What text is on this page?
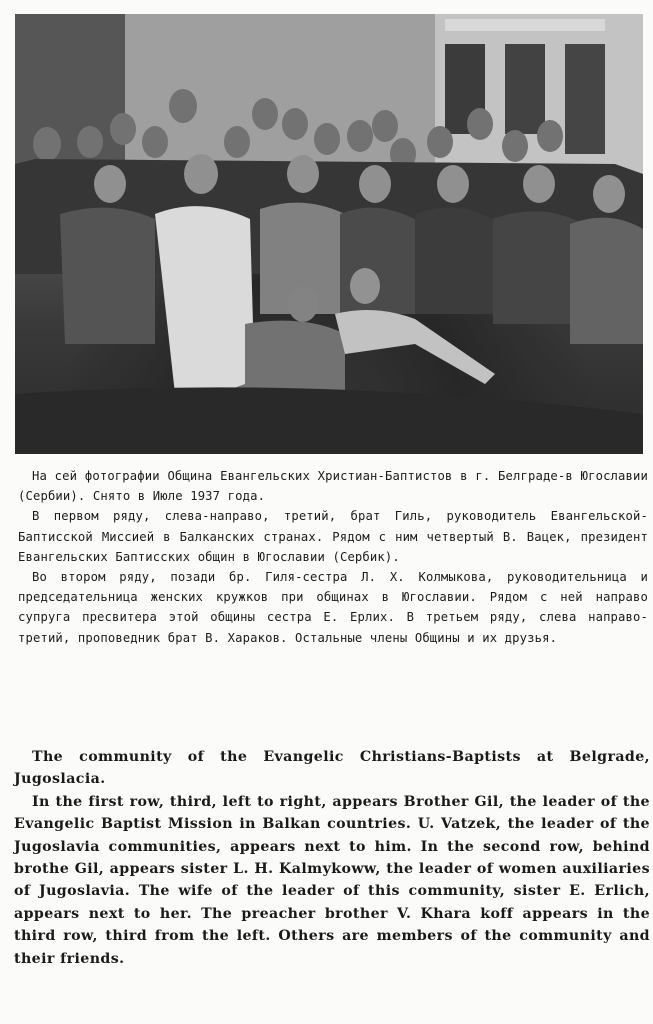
На сей фотографии Община Евангельских Христиан-Баптистов в г. Белграде-в Югославии (Сербии). Снято в Июле 1937 года.

В первом ряду, слева-направо, третий, брат Гиль, руководитель Евангельской-Баптисской Миссией в Балканских странах. Рядом с ним четвертый В. Вацек, президент Евангельских Баптисских общин в Югославии (Сербик).

Во втором ряду, позади бр. Гиля-сестра Л. Х. Колмыкова, руководительница и председательница женских кружков при общинах в Югославии. Рядом с ней направо супруга пресвитера этой общины сестра Е. Ерлих. В третьем ряду, слева направо-третий, проповедник брат В. Хараков. Остальные члены Общины и их друзья.

The community of the Evangelic Christians-Baptists at Belgrade, Jugoslacia.

In the first row, third, left to right, appears Brother Gil, the leader of the Evangelic Baptist Mission in Balkan countries. U. Vatzek, the leader of the Jugoslavia communities, appears next to him. In the second row, behind brothe Gil, appears sister L. H. Kalmykoww, the leader of women auxiliaries of Jugoslavia. The wife of the leader of this community, sister E. Erlich, appears next to her. The preacher brother V. Khara koff appears in the third row, third from the left. Others are members of the community and their friends.
